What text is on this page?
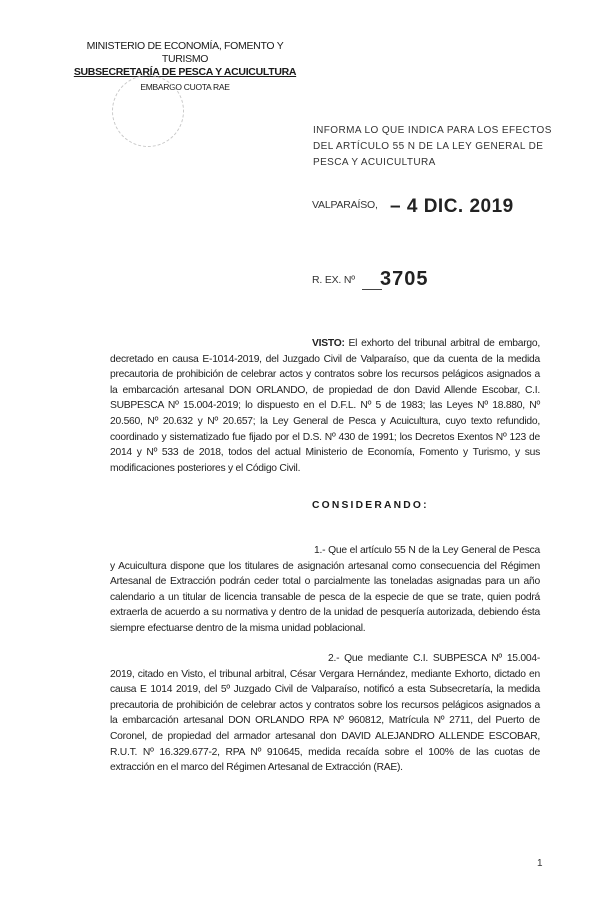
MINISTERIO DE ECONOMÍA, FOMENTO Y TURISMO
SUBSECRETARÍA DE PESCA Y ACUICULTURA
EMBARGO CUOTA RAE
INFORMA LO QUE INDICA PARA LOS EFECTOS DEL ARTÍCULO 55 N DE LA LEY GENERAL DE PESCA Y ACUICULTURA
VALPARAÍSO, – 4 DIC. 2019
R. EX. Nº 3705
VISTO: El exhorto del tribunal arbitral de embargo, decretado en causa E-1014-2019, del Juzgado Civil de Valparaíso, que da cuenta de la medida precautoria de prohibición de celebrar actos y contratos sobre los recursos pelágicos asignados a la embarcación artesanal DON ORLANDO, de propiedad de don David Allende Escobar, C.I. SUBPESCA Nº 15.004-2019; lo dispuesto en el D.F.L. Nº 5 de 1983; las Leyes Nº 18.880, Nº 20.560, Nº 20.632 y Nº 20.657; la Ley General de Pesca y Acuicultura, cuyo texto refundido, coordinado y sistematizado fue fijado por el D.S. Nº 430 de 1991; los Decretos Exentos Nº 123 de 2014 y Nº 533 de 2018, todos del actual Ministerio de Economía, Fomento y Turismo, y sus modificaciones posteriores y el Código Civil.
CONSIDERANDO:
1.- Que el artículo 55 N de la Ley General de Pesca y Acuicultura dispone que los titulares de asignación artesanal como consecuencia del Régimen Artesanal de Extracción podrán ceder total o parcialmente las toneladas asignadas para un año calendario a un titular de licencia transable de pesca de la especie de que se trate, quien podrá extraerla de acuerdo a su normativa y dentro de la unidad de pesquería autorizada, debiendo ésta siempre efectuarse dentro de la misma unidad poblacional.
2.- Que mediante C.I. SUBPESCA Nº 15.004-2019, citado en Visto, el tribunal arbitral, César Vergara Hernández, mediante Exhorto, dictado en causa E 1014 2019, del 5º Juzgado Civil de Valparaíso, notificó a esta Subsecretaría, la medida precautoria de prohibición de celebrar actos y contratos sobre los recursos pelágicos asignados a la embarcación artesanal DON ORLANDO RPA Nº 960812, Matrícula Nº 2711, del Puerto de Coronel, de propiedad del armador artesanal don DAVID ALEJANDRO ALLENDE ESCOBAR, R.U.T. Nº 16.329.677-2, RPA Nº 910645, medida recaída sobre el 100% de las cuotas de extracción en el marco del Régimen Artesanal de Extracción (RAE).
1
